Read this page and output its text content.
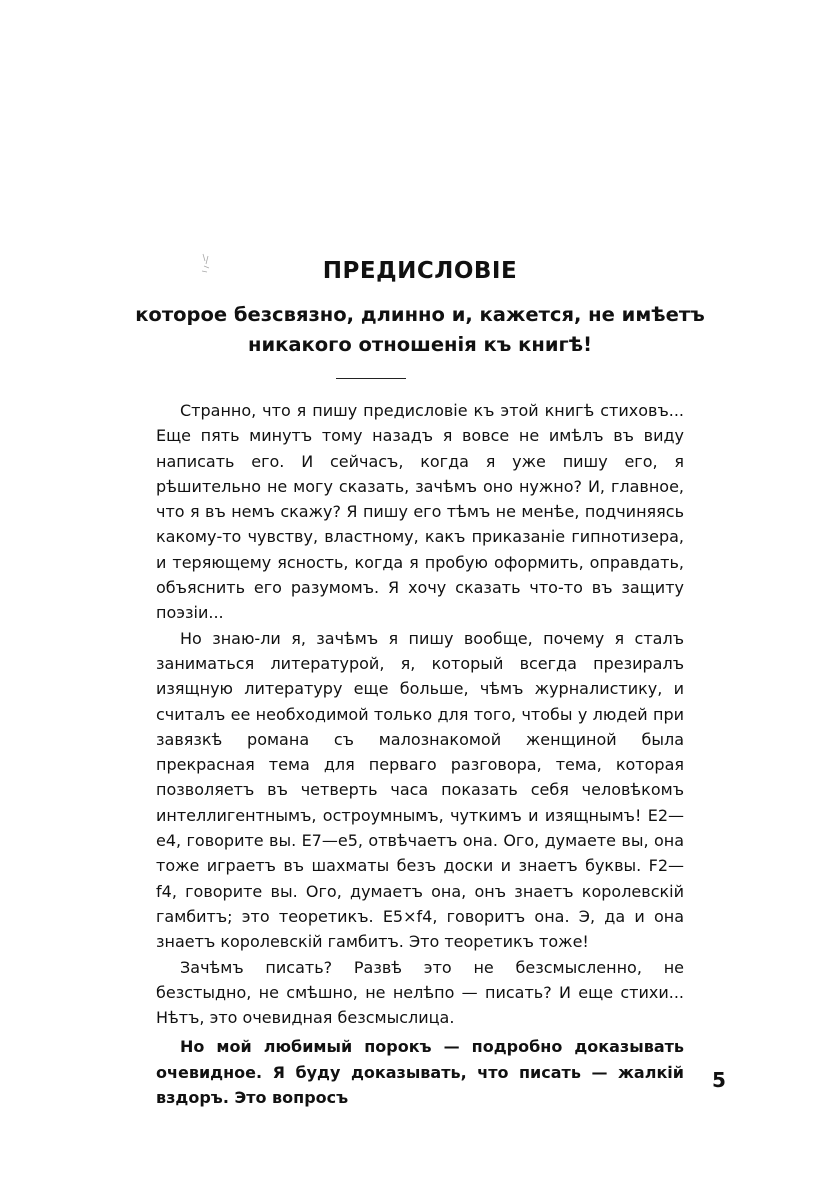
ПРЕДИСЛОВІЕ
которое безсвязно, длинно и, кажется, не имѣетъ никакого отношенія къ книгѣ!

Странно, что я пишу предисловіе къ этой книгѣ стиховъ... Еще пять минутъ тому назадъ я вовсе не имѣлъ въ виду написать его. И сейчасъ, когда я уже пишу его, я рѣшительно не могу сказать, зачѣмъ оно нужно? И, главное, что я въ немъ скажу? Я пишу его тѣмъ не менѣе, подчиняясь какому-то чувству, властному, какъ приказаніе гипнотизера, и теряющему ясность, когда я пробую оформить, оправдать, объяснить его разумомъ. Я хочу сказать что-то въ защиту поэзіи...

Но знаю-ли я, зачѣмъ я пишу вообще, почему я сталъ заниматься литературой, я, который всегда презиралъ изящную литературу еще больше, чѣмъ журналистику, и считалъ ее необходимой только для того, чтобы у людей при завязкѣ романа съ малознакомой женщиной была прекрасная тема для перваго разговора, тема, которая позволяетъ въ четверть часа показать себя человѣкомъ интеллигентнымъ, остроумнымъ, чуткимъ и изящнымъ! E2—e4, говорите вы. E7—e5, отвѣчаетъ она. Ого, думаете вы, она тоже играетъ въ шахматы безъ доски и знаетъ буквы. F2—f4, говорите вы. Ого, думаетъ она, онъ знаетъ королевскій гамбитъ; это теоретикъ. E5×f4, говоритъ она. Э, да и она знаетъ королевскій гамбитъ. Это теоретикъ тоже!

Зачѣмъ писать? Развѣ это не безсмысленно, не безстыдно, не смѣшно, не нелѣпо — писать? И еще стихи... Нѣтъ, это очевидная безсмыслица.

Но мой любимый порокъ — подробно доказывать очевидное. Я буду доказывать, что писать — жалкій вздоръ. Это вопросъ

5
